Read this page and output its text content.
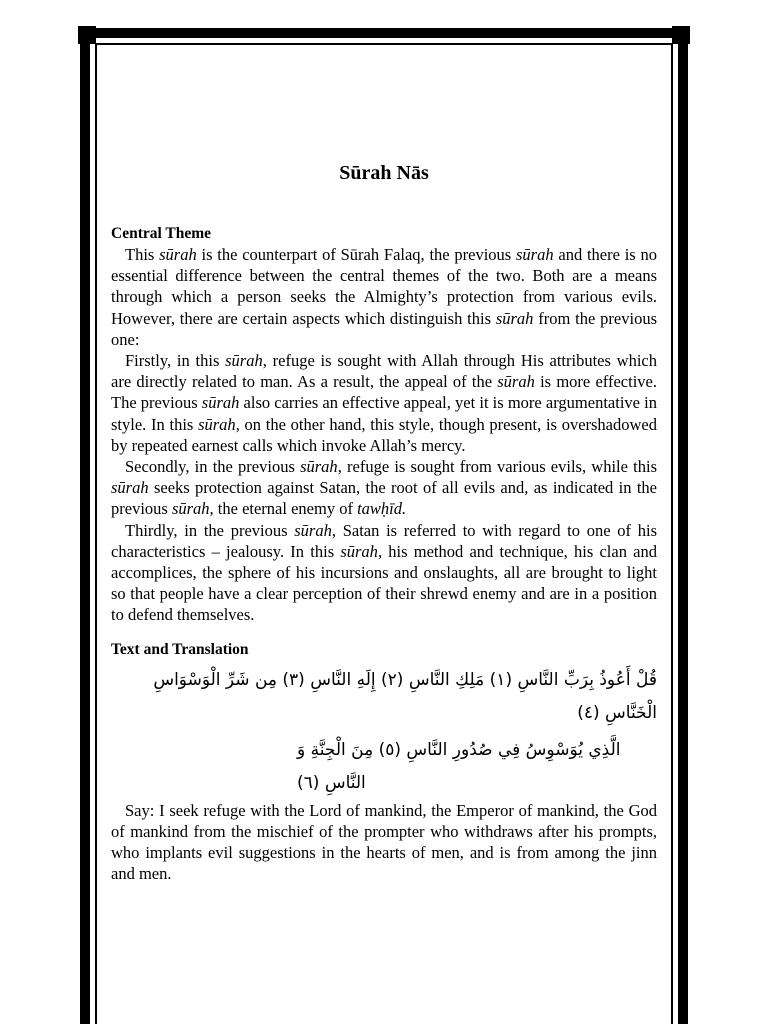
Sūrah Nās
Central Theme

This sūrah is the counterpart of Sūrah Falaq, the previous sūrah and there is no essential difference between the central themes of the two. Both are a means through which a person seeks the Almighty’s protection from various evils. However, there are certain aspects which distinguish this sūrah from the previous one:

Firstly, in this sūrah, refuge is sought with Allah through His attributes which are directly related to man. As a result, the appeal of the sūrah is more effective. The previous sūrah also carries an effective appeal, yet it is more argumentative in style. In this sūrah, on the other hand, this style, though present, is overshadowed by repeated earnest calls which invoke Allah’s mercy.

Secondly, in the previous sūrah, refuge is sought from various evils, while this sūrah seeks protection against Satan, the root of all evils and, as indicated in the previous sūrah, the eternal enemy of tawḥīd.

Thirdly, in the previous sūrah, Satan is referred to with regard to one of his characteristics – jealousy. In this sūrah, his method and technique, his clan and accomplices, the sphere of his incursions and onslaughts, all are brought to light so that people have a clear perception of their shrewd enemy and are in a position to defend themselves.

Text and Translation
قُلْ أَعُوذُ بِرَبِّ النَّاسِ (١) مَلِكِ النَّاسِ (٢) إِلَهِ النَّاسِ (٣) مِن شَرِّ الْوَسْوَاسِ الْخَنَّاسِ (٤)
الَّذِي يُوَسْوِسُ فِي صُدُورِ النَّاسِ (٥) مِنَ الْجِنَّةِ وَ النَّاسِ (٦)

Say: I seek refuge with the Lord of mankind, the Emperor of mankind, the God of mankind from the mischief of the prompter who withdraws after his prompts, who implants evil suggestions in the hearts of men, and is from among the jinn and men.
